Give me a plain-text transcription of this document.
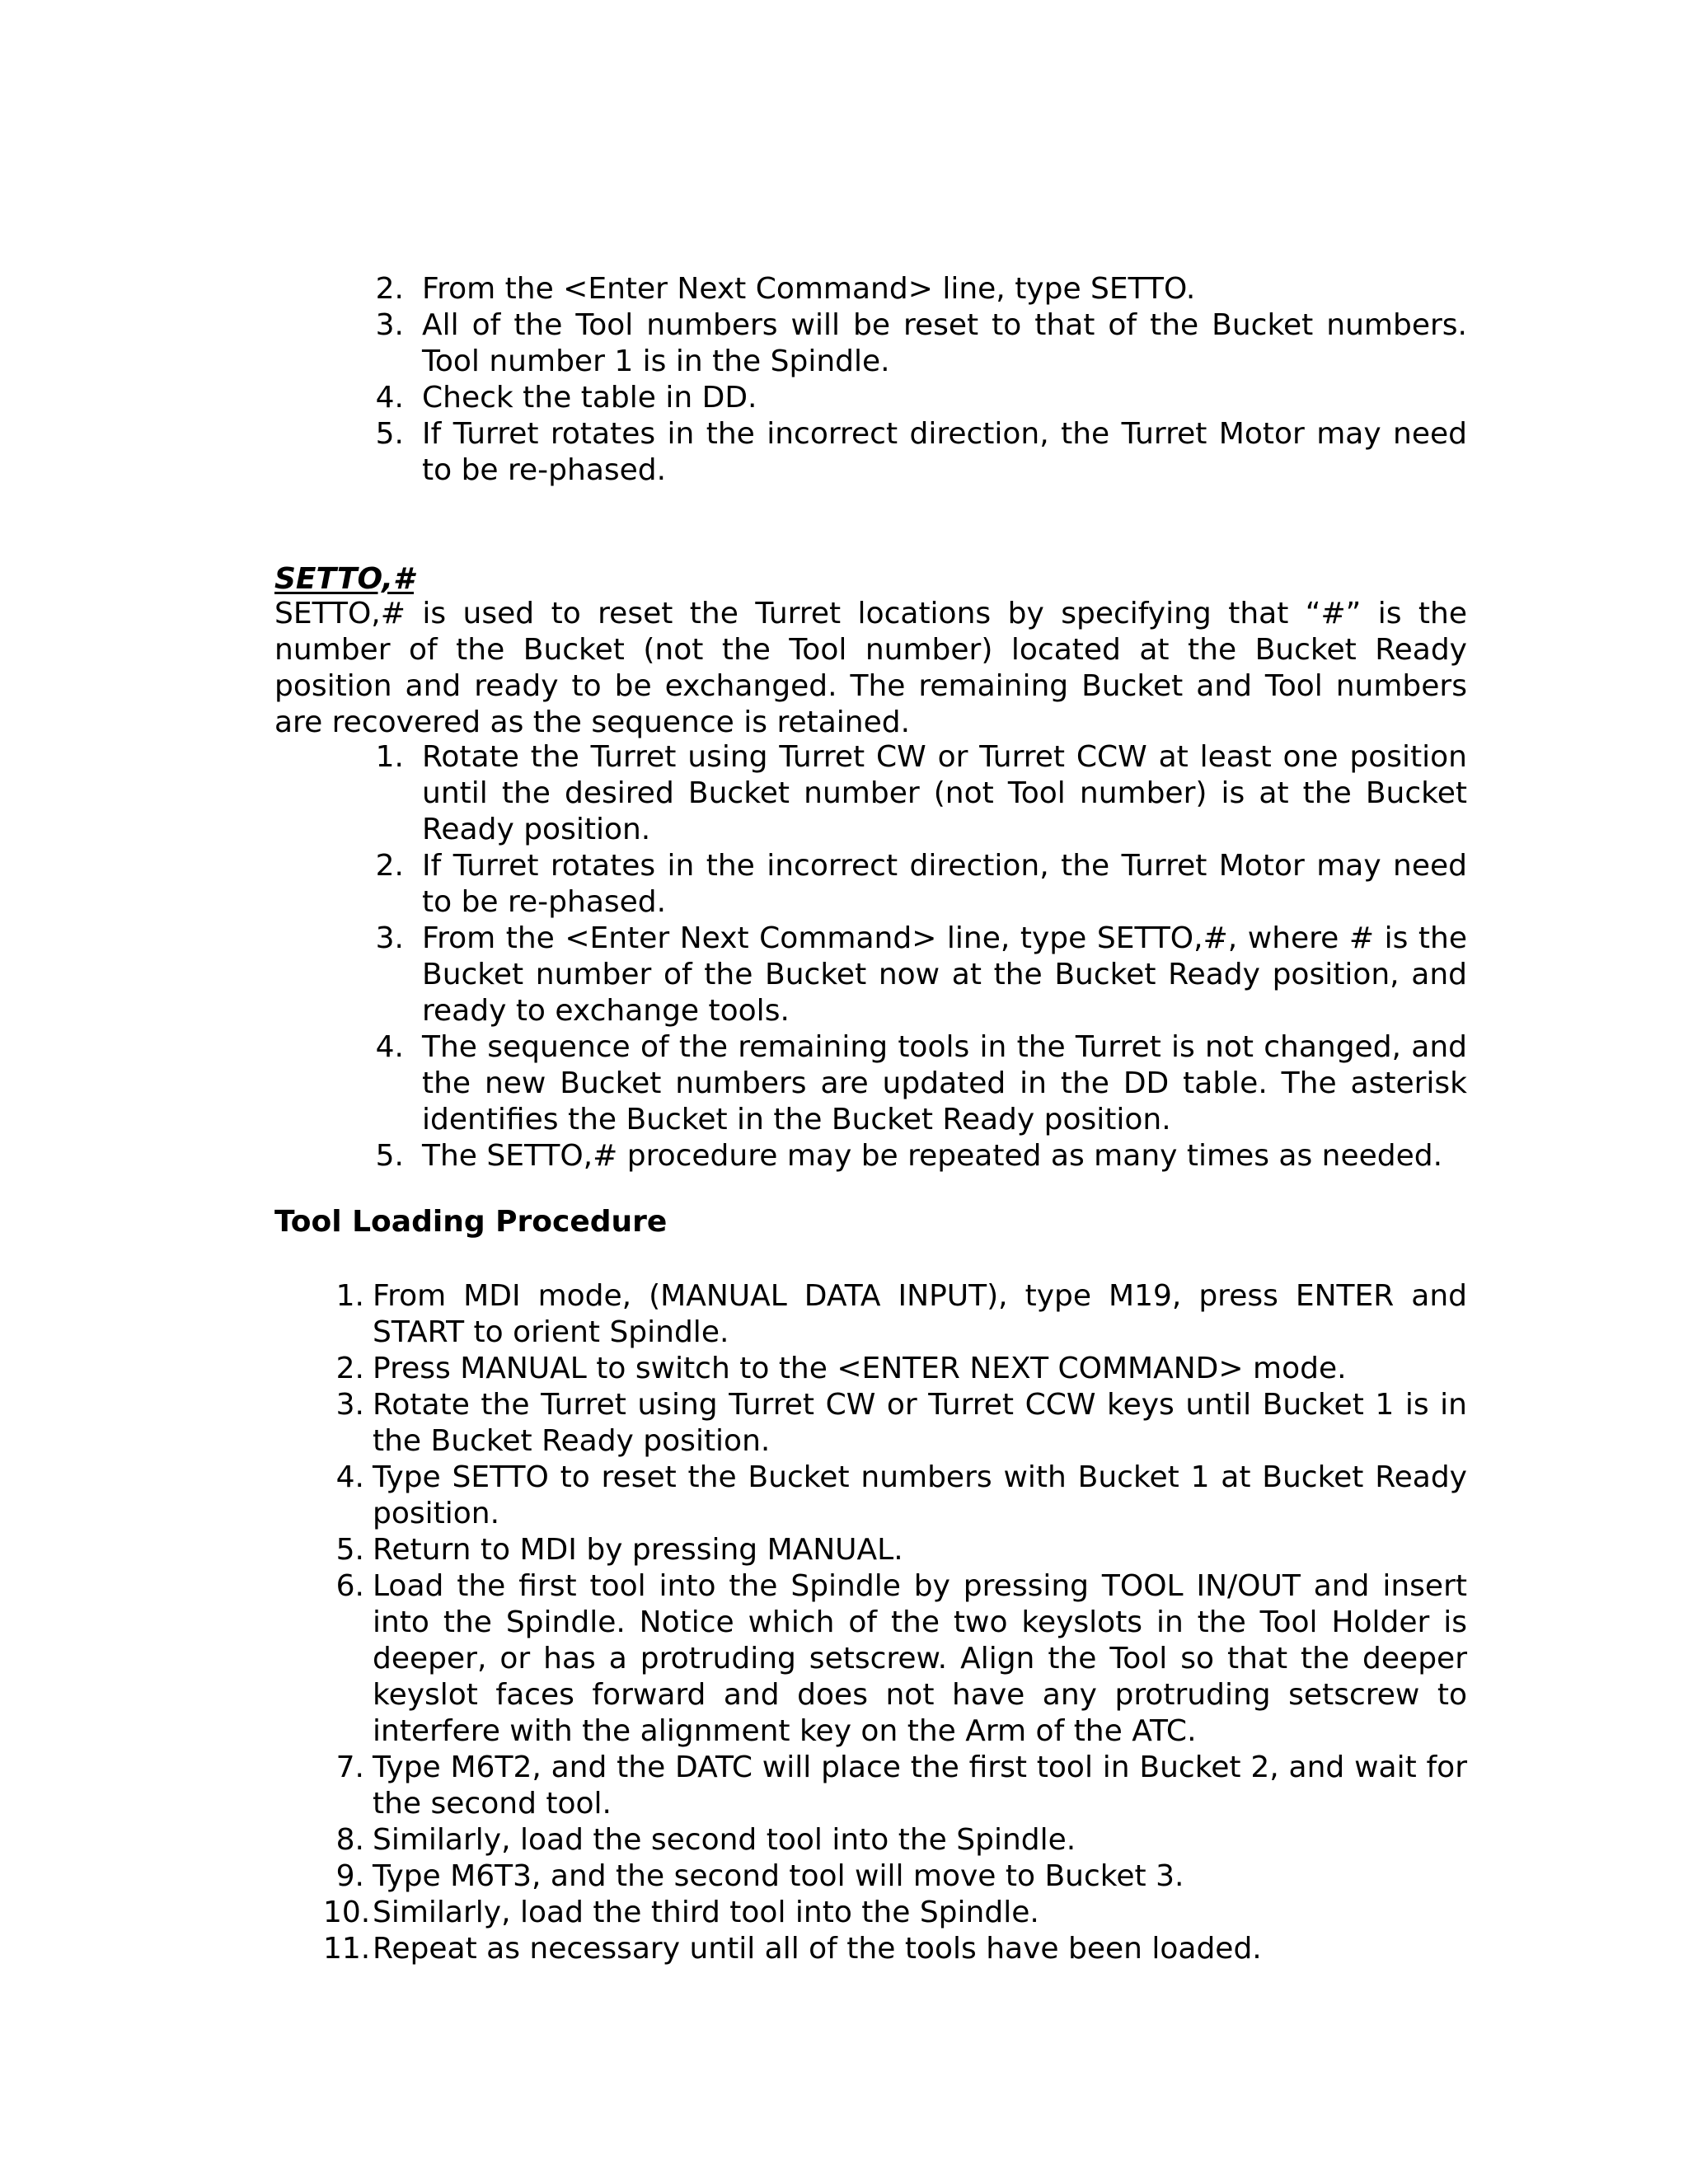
2. From the <Enter Next Command> line, type SETTO.
3. All of the Tool numbers will be reset to that of the Bucket numbers. Tool number 1 is in the Spindle.
4. Check the table in DD.
5. If Turret rotates in the incorrect direction, the Turret Motor may need to be re-phased.
SETTO,#

SETTO,# is used to reset the Turret locations by specifying that “#” is the number of the Bucket (not the Tool number) located at the Bucket Ready position and ready to be exchanged. The remaining Bucket and Tool numbers are recovered as the sequence is retained.

1. Rotate the Turret using Turret CW or Turret CCW at least one position until the desired Bucket number (not Tool number) is at the Bucket Ready position.
2. If Turret rotates in the incorrect direction, the Turret Motor may need to be re-phased.
3. From the <Enter Next Command> line, type SETTO,#, where # is the Bucket number of the Bucket now at the Bucket Ready position, and ready to exchange tools.
4. The sequence of the remaining tools in the Turret is not changed, and the new Bucket numbers are updated in the DD table. The asterisk identifies the Bucket in the Bucket Ready position.
5. The SETTO,# procedure may be repeated as many times as needed.
Tool Loading Procedure
1. From MDI mode, (MANUAL DATA INPUT), type M19, press ENTER and START to orient Spindle.
2. Press MANUAL to switch to the <ENTER NEXT COMMAND> mode.
3. Rotate the Turret using Turret CW or Turret CCW keys until Bucket 1 is in the Bucket Ready position.
4. Type SETTO to reset the Bucket numbers with Bucket 1 at Bucket Ready position.
5. Return to MDI by pressing MANUAL.
6. Load the first tool into the Spindle by pressing TOOL IN/OUT and insert into the Spindle. Notice which of the two keyslots in the Tool Holder is deeper, or has a protruding setscrew. Align the Tool so that the deeper keyslot faces forward and does not have any protruding setscrew to interfere with the alignment key on the Arm of the ATC.
7. Type M6T2, and the DATC will place the first tool in Bucket 2, and wait for the second tool.
8. Similarly, load the second tool into the Spindle.
9. Type M6T3, and the second tool will move to Bucket 3.
10. Similarly, load the third tool into the Spindle.
11. Repeat as necessary until all of the tools have been loaded.
